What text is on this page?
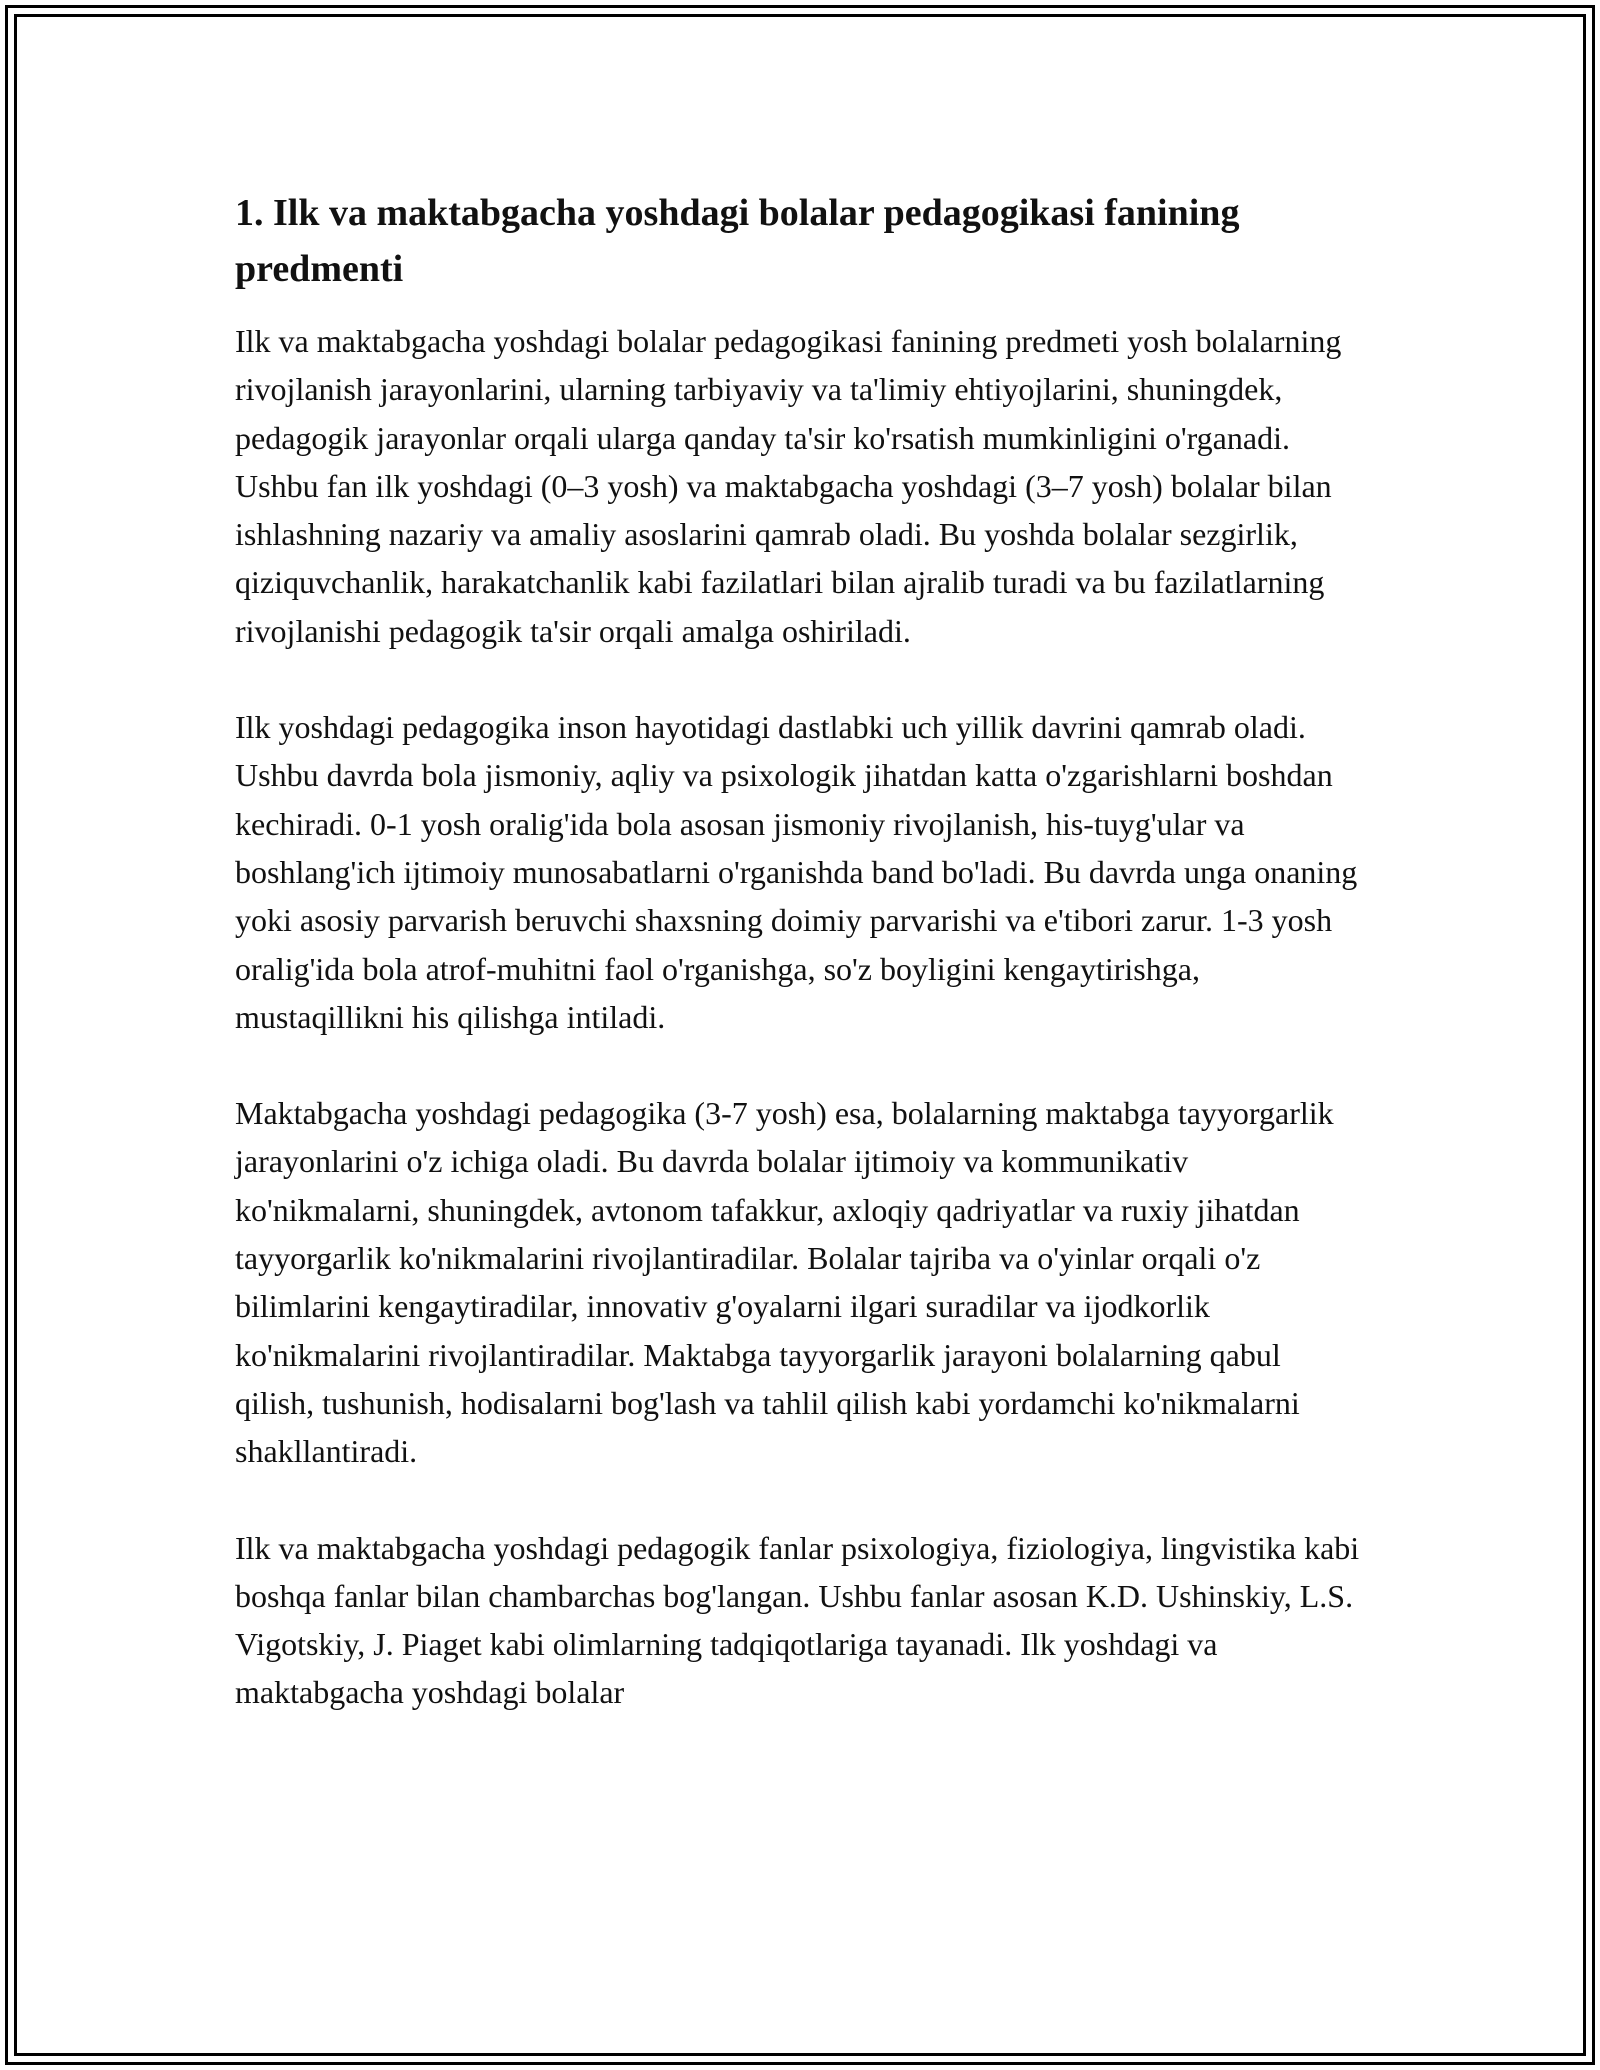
1. Ilk va maktabgacha yoshdagi bolalar pedagogikasi fanining predmenti

Ilk va maktabgacha yoshdagi bolalar pedagogikasi fanining predmeti yosh bolalarning rivojlanish jarayonlarini, ularning tarbiyaviy va ta'limiy ehtiyojlarini, shuningdek, pedagogik jarayonlar orqali ularga qanday ta'sir ko'rsatish mumkinligini o'rganadi. Ushbu fan ilk yoshdagi (0–3 yosh) va maktabgacha yoshdagi (3–7 yosh) bolalar bilan ishlashning nazariy va amaliy asoslarini qamrab oladi. Bu yoshda bolalar sezgirlik, qiziquvchanlik, harakatchanlik kabi fazilatlari bilan ajralib turadi va bu fazilatlarning rivojlanishi pedagogik ta'sir orqali amalga oshiriladi.

Ilk yoshdagi pedagogika inson hayotidagi dastlabki uch yillik davrini qamrab oladi. Ushbu davrda bola jismoniy, aqliy va psixologik jihatdan katta o'zgarishlarni boshdan kechiradi. 0-1 yosh oralig'ida bola asosan jismoniy rivojlanish, his-tuyg'ular va boshlang'ich ijtimoiy munosabatlarni o'rganishda band bo'ladi. Bu davrda unga onaning yoki asosiy parvarish beruvchi shaxsning doimiy parvarishi va e'tibori zarur. 1-3 yosh oralig'ida bola atrof-muhitni faol o'rganishga, so'z boyligini kengaytirishga, mustaqillikni his qilishga intiladi.

Maktabgacha yoshdagi pedagogika (3-7 yosh) esa, bolalarning maktabga tayyorgarlik jarayonlarini o'z ichiga oladi. Bu davrda bolalar ijtimoiy va kommunikativ ko'nikmalarni, shuningdek, avtonom tafakkur, axloqiy qadriyatlar va ruxiy jihatdan tayyorgarlik ko'nikmalarini rivojlantiradilar. Bolalar tajriba va o'yinlar orqali o'z bilimlarini kengaytiradilar, innovativ g'oyalarni ilgari suradilar va ijodkorlik ko'nikmalarini rivojlantiradilar. Maktabga tayyorgarlik jarayoni bolalarning qabul qilish, tushunish, hodisalarni bog'lash va tahlil qilish kabi yordamchi ko'nikmalarni shakllantiradi.

Ilk va maktabgacha yoshdagi pedagogik fanlar psixologiya, fiziologiya, lingvistika kabi boshqa fanlar bilan chambarchas bog'langan. Ushbu fanlar asosan K.D. Ushinskiy, L.S. Vigotskiy, J. Piaget kabi olimlarning tadqiqotlariga tayanadi. Ilk yoshdagi va maktabgacha yoshdagi bolalar
